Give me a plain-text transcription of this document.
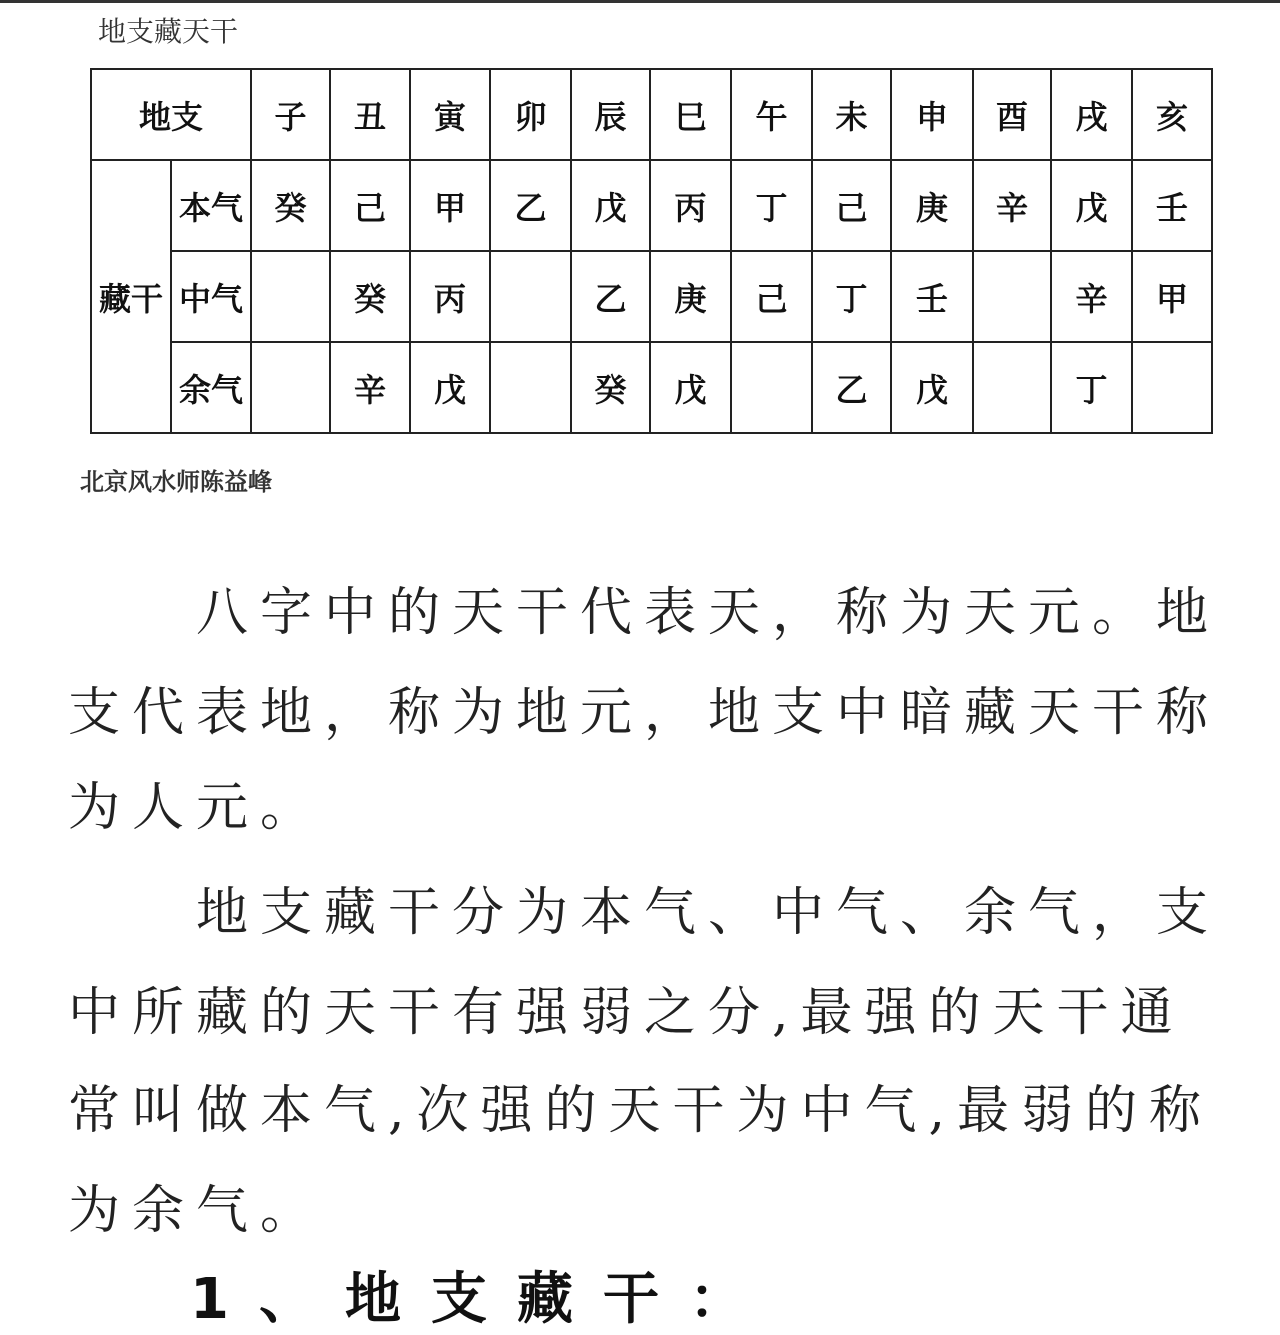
地支藏天干
地支		子	丑	寅	卯	辰	巳	午	未	申	酉	戌	亥
藏干	本气	癸	己	甲	乙	戊	丙	丁	己	庚	辛	戊	壬
	中气		癸	丙		乙	庚	己	丁	壬		辛	甲
	余气		辛	戊		癸	戊		乙	戊		丁	
北京风水师陈益峰
　　八字中的天干代表天，称为天元。地
支代表地，称为地元，地支中暗藏天干称
为人元。
　　地支藏干分为本气、中气、余气，支
中所藏的天干有强弱之分,最强的天干通
常叫做本气,次强的天干为中气,最弱的称
为余气。
1、地支藏干：
